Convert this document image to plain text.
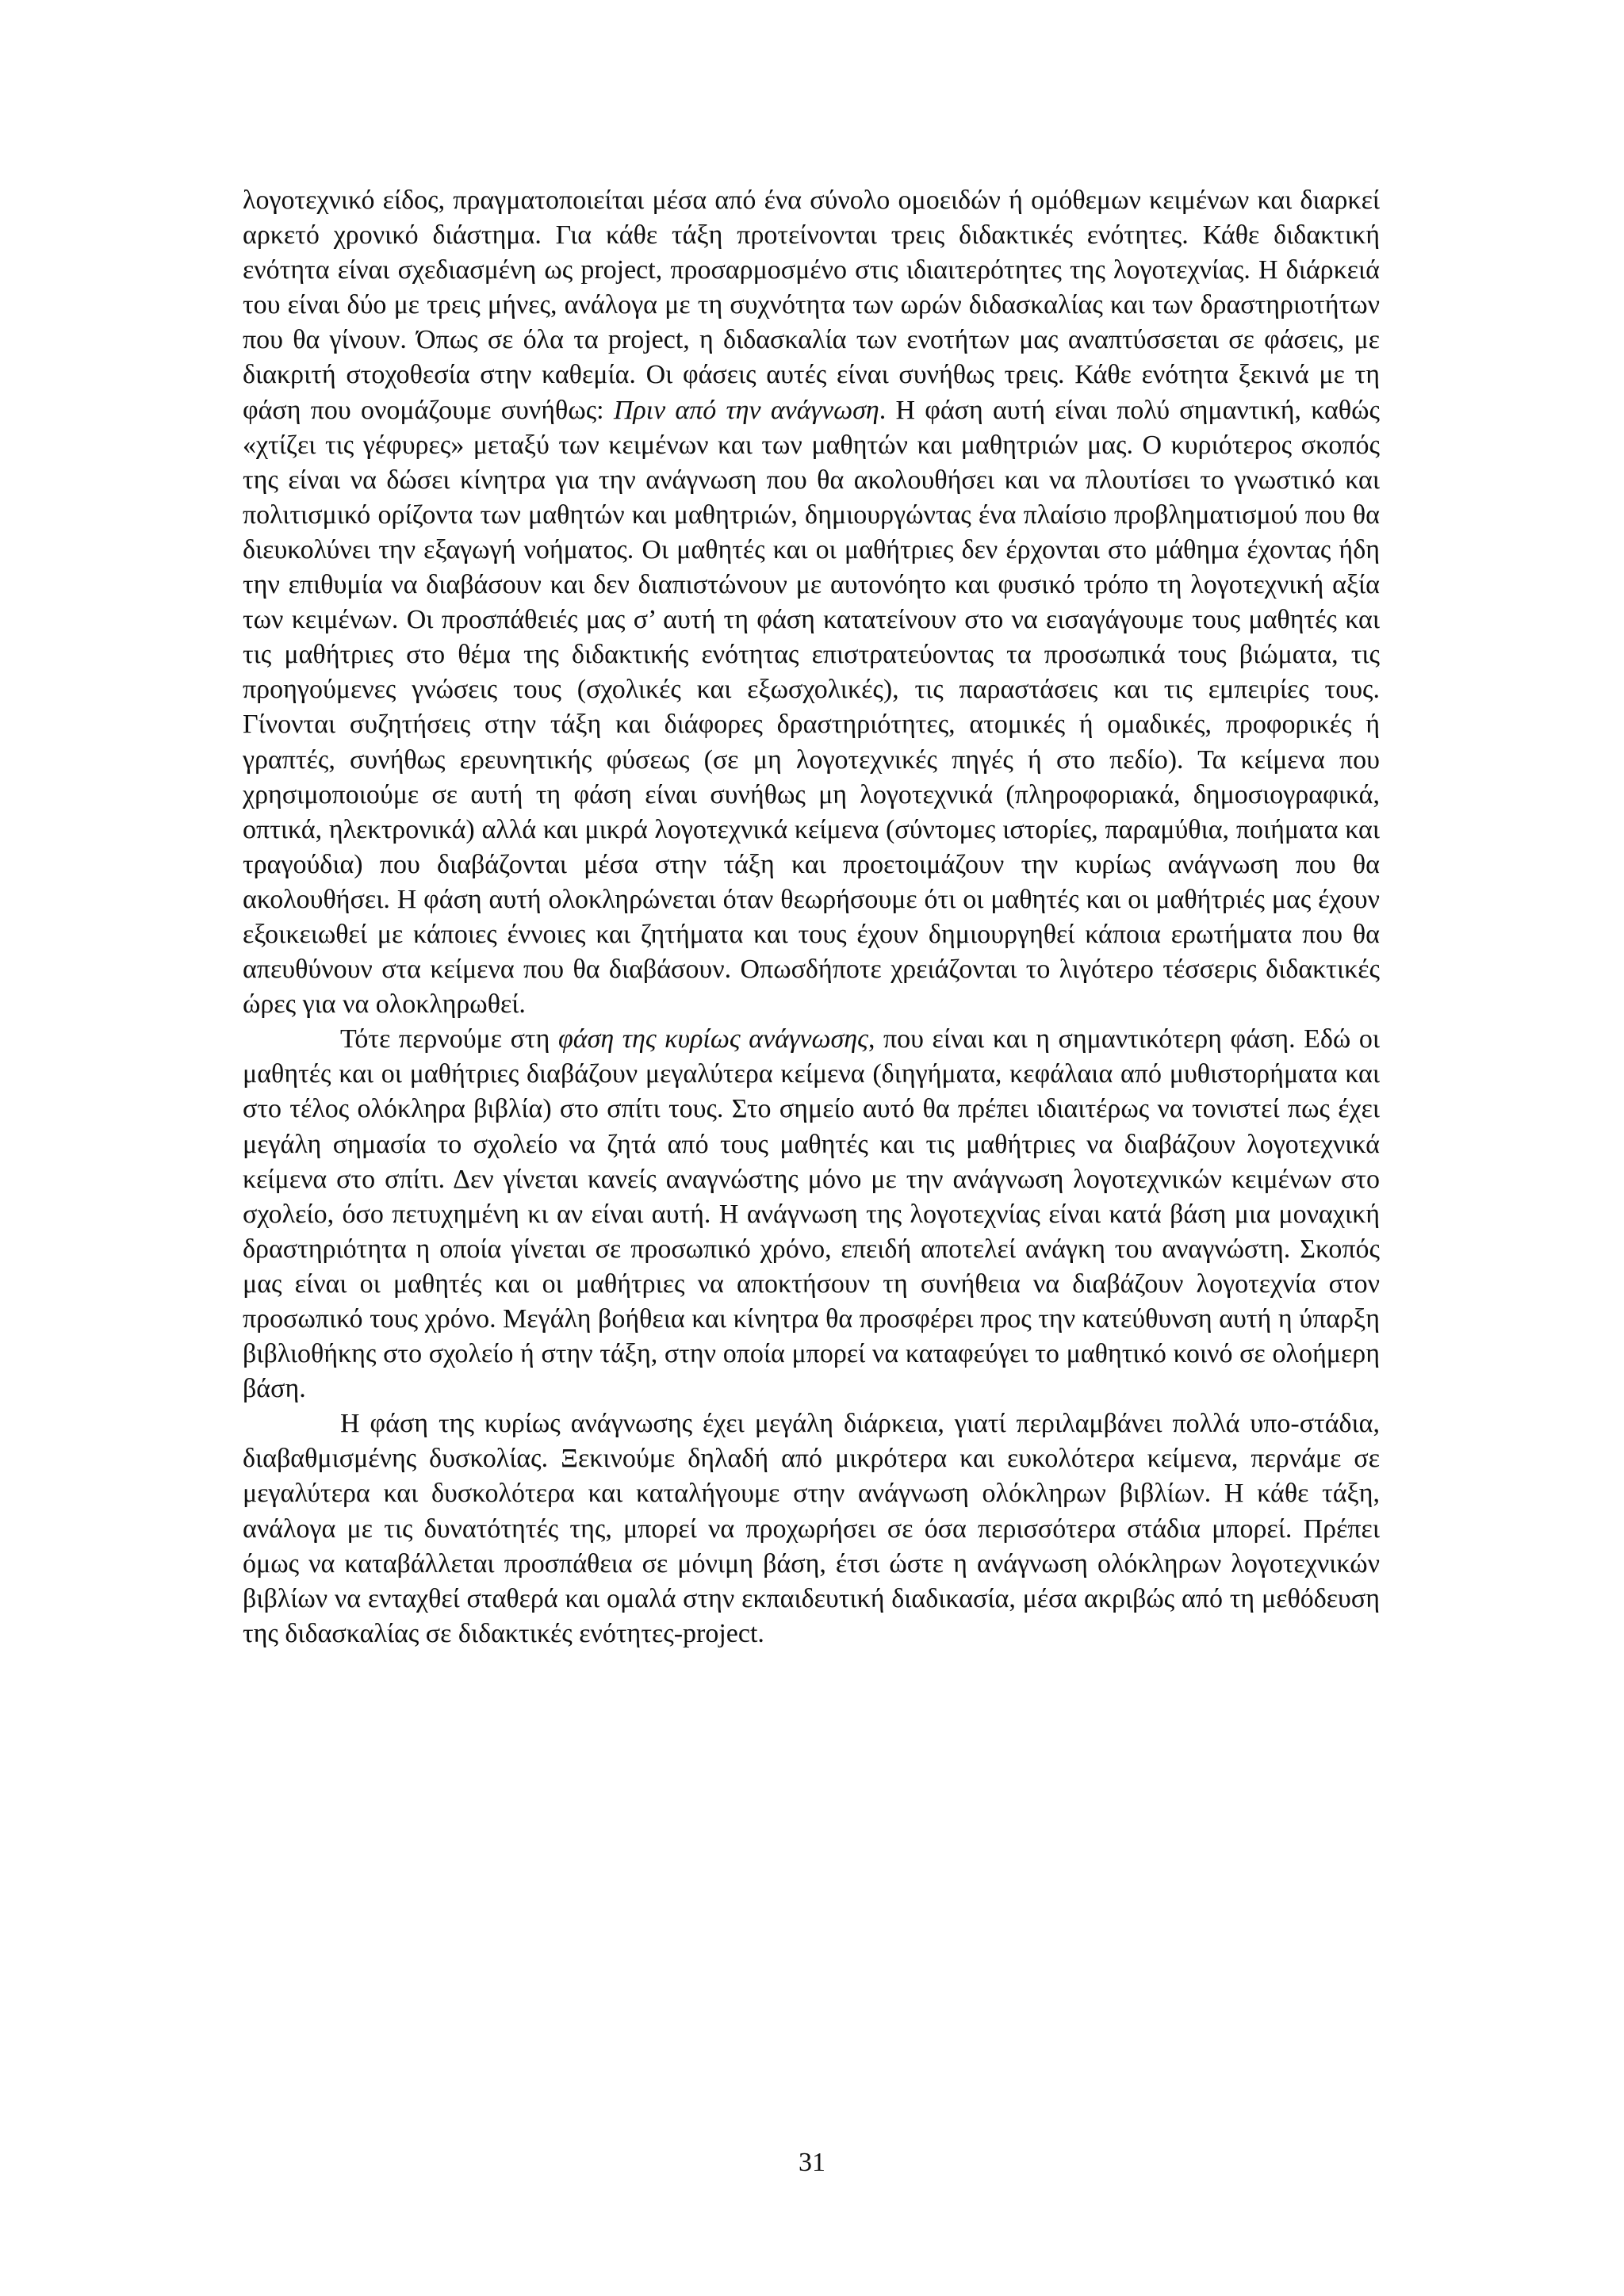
λογοτεχνικό είδος, πραγματοποιείται μέσα από ένα σύνολο ομοειδών ή ομόθεμων κειμένων και διαρκεί αρκετό χρονικό διάστημα. Για κάθε τάξη προτείνονται τρεις διδακτικές ενότητες. Κάθε διδακτική ενότητα είναι σχεδιασμένη ως project, προσαρμοσμένο στις ιδιαιτερότητες της λογοτεχνίας. Η διάρκειά του είναι δύο με τρεις μήνες, ανάλογα με τη συχνότητα των ωρών διδασκαλίας και των δραστηριοτήτων που θα γίνουν. Όπως σε όλα τα project, η διδασκαλία των ενοτήτων μας αναπτύσσεται σε φάσεις, με διακριτή στοχοθεσία στην καθεμία. Οι φάσεις αυτές είναι συνήθως τρεις. Κάθε ενότητα ξεκινά με τη φάση που ονομάζουμε συνήθως: Πριν από την ανάγνωση. Η φάση αυτή είναι πολύ σημαντική, καθώς «χτίζει τις γέφυρες» μεταξύ των κειμένων και των μαθητών και μαθητριών μας. Ο κυριότερος σκοπός της είναι να δώσει κίνητρα για την ανάγνωση που θα ακολουθήσει και να πλουτίσει το γνωστικό και πολιτισμικό ορίζοντα των μαθητών και μαθητριών, δημιουργώντας ένα πλαίσιο προβληματισμού που θα διευκολύνει την εξαγωγή νοήματος. Οι μαθητές και οι μαθήτριες δεν έρχονται στο μάθημα έχοντας ήδη την επιθυμία να διαβάσουν και δεν διαπιστώνουν με αυτονόητο και φυσικό τρόπο τη λογοτεχνική αξία των κειμένων. Οι προσπάθειές μας σ’ αυτή τη φάση κατατείνουν στο να εισαγάγουμε τους μαθητές και τις μαθήτριες στο θέμα της διδακτικής ενότητας επιστρατεύοντας τα προσωπικά τους βιώματα, τις προηγούμενες γνώσεις τους (σχολικές και εξωσχολικές), τις παραστάσεις και τις εμπειρίες τους. Γίνονται συζητήσεις στην τάξη και διάφορες δραστηριότητες, ατομικές ή ομαδικές, προφορικές ή γραπτές, συνήθως ερευνητικής φύσεως (σε μη λογοτεχνικές πηγές ή στο πεδίο). Τα κείμενα που χρησιμοποιούμε σε αυτή τη φάση είναι συνήθως μη λογοτεχνικά (πληροφοριακά, δημοσιογραφικά, οπτικά, ηλεκτρονικά) αλλά και μικρά λογοτεχνικά κείμενα (σύντομες ιστορίες, παραμύθια, ποιήματα και τραγούδια) που διαβάζονται μέσα στην τάξη και προετοιμάζουν την κυρίως ανάγνωση που θα ακολουθήσει. Η φάση αυτή ολοκληρώνεται όταν θεωρήσουμε ότι οι μαθητές και οι μαθήτριές μας έχουν εξοικειωθεί με κάποιες έννοιες και ζητήματα και τους έχουν δημιουργηθεί κάποια ερωτήματα που θα απευθύνουν στα κείμενα που θα διαβάσουν. Οπωσδήποτε χρειάζονται το λιγότερο τέσσερις διδακτικές ώρες για να ολοκληρωθεί.

Τότε περνούμε στη φάση της κυρίως ανάγνωσης, που είναι και η σημαντικότερη φάση. Εδώ οι μαθητές και οι μαθήτριες διαβάζουν μεγαλύτερα κείμενα (διηγήματα, κεφάλαια από μυθιστορήματα και στο τέλος ολόκληρα βιβλία) στο σπίτι τους. Στο σημείο αυτό θα πρέπει ιδιαιτέρως να τονιστεί πως έχει μεγάλη σημασία το σχολείο να ζητά από τους μαθητές και τις μαθήτριες να διαβάζουν λογοτεχνικά κείμενα στο σπίτι. Δεν γίνεται κανείς αναγνώστης μόνο με την ανάγνωση λογοτεχνικών κειμένων στο σχολείο, όσο πετυχημένη κι αν είναι αυτή. Η ανάγνωση της λογοτεχνίας είναι κατά βάση μια μοναχική δραστηριότητα η οποία γίνεται σε προσωπικό χρόνο, επειδή αποτελεί ανάγκη του αναγνώστη. Σκοπός μας είναι οι μαθητές και οι μαθήτριες να αποκτήσουν τη συνήθεια να διαβάζουν λογοτεχνία στον προσωπικό τους χρόνο. Μεγάλη βοήθεια και κίνητρα θα προσφέρει προς την κατεύθυνση αυτή η ύπαρξη βιβλιοθήκης στο σχολείο ή στην τάξη, στην οποία μπορεί να καταφεύγει το μαθητικό κοινό σε ολοήμερη βάση.

Η φάση της κυρίως ανάγνωσης έχει μεγάλη διάρκεια, γιατί περιλαμβάνει πολλά υπο-στάδια, διαβαθμισμένης δυσκολίας. Ξεκινούμε δηλαδή από μικρότερα και ευκολότερα κείμενα, περνάμε σε μεγαλύτερα και δυσκολότερα και καταλήγουμε στην ανάγνωση ολόκληρων βιβλίων. Η κάθε τάξη, ανάλογα με τις δυνατότητές της, μπορεί να προχωρήσει σε όσα περισσότερα στάδια μπορεί. Πρέπει όμως να καταβάλλεται προσπάθεια σε μόνιμη βάση, έτσι ώστε η ανάγνωση ολόκληρων λογοτεχνικών βιβλίων να ενταχθεί σταθερά και ομαλά στην εκπαιδευτική διαδικασία, μέσα ακριβώς από τη μεθόδευση της διδασκαλίας σε διδακτικές ενότητες-project.

31
